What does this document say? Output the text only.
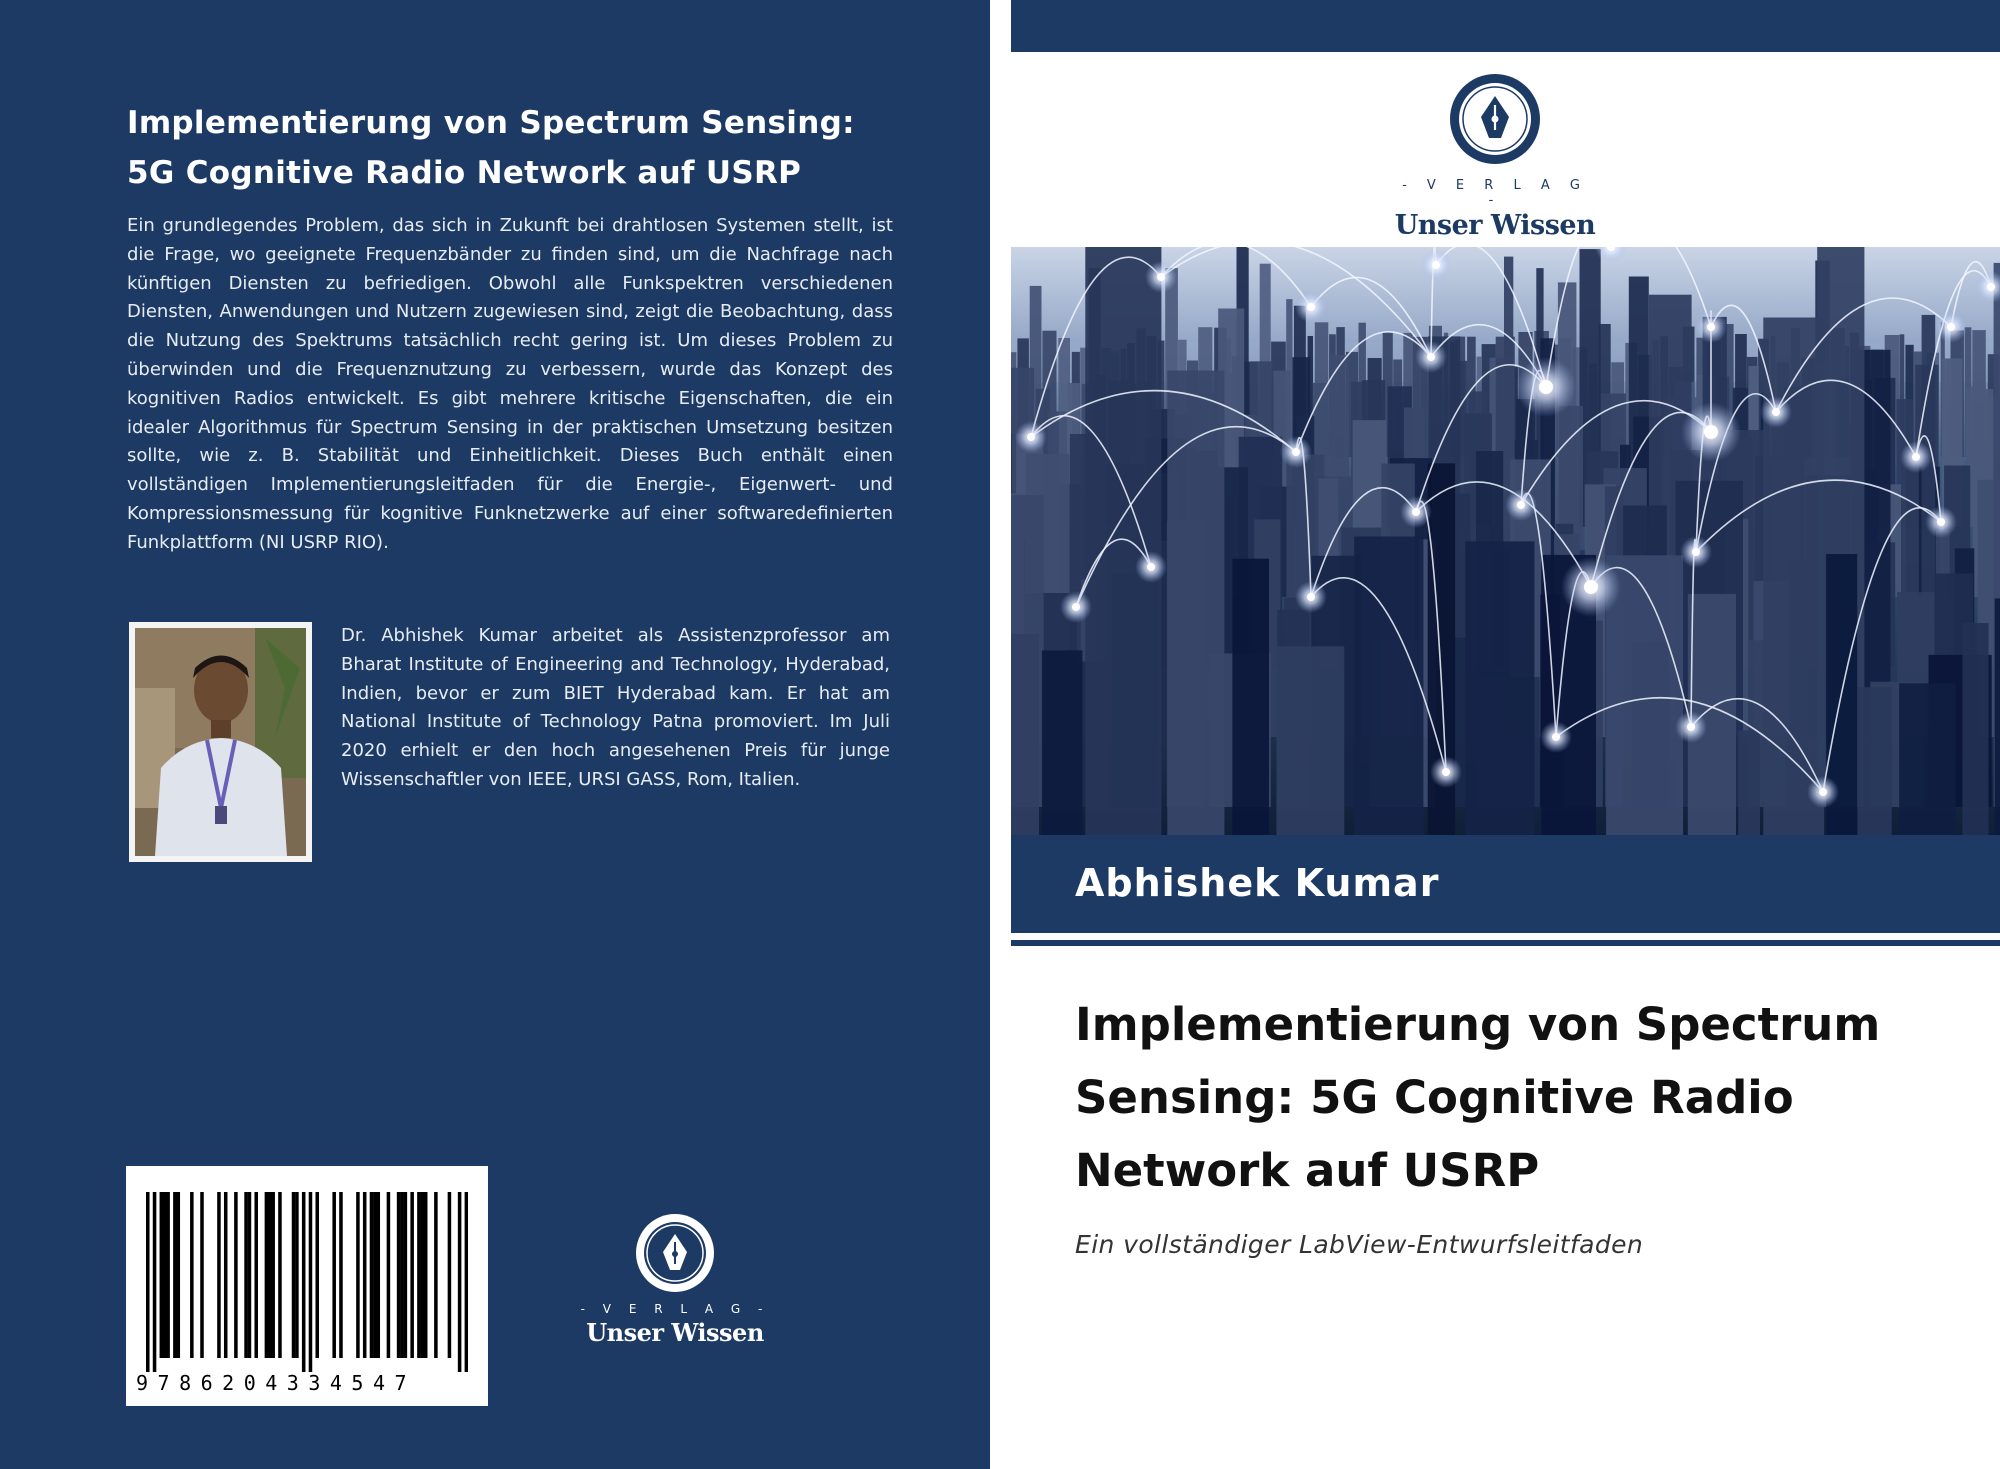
Implementierung von Spectrum Sensing:
5G Cognitive Radio Network auf USRP
Ein grundlegendes Problem, das sich in Zukunft bei drahtlosen Systemen stellt, ist die Frage, wo geeignete Frequenzbänder zu finden sind, um die Nachfrage nach künftigen Diensten zu befriedigen. Obwohl alle Funkspektren verschiedenen Diensten, Anwendungen und Nutzern zugewiesen sind, zeigt die Beobachtung, dass die Nutzung des Spektrums tatsächlich recht gering ist. Um dieses Problem zu überwinden und die Frequenznutzung zu verbessern, wurde das Konzept des kognitiven Radios entwickelt. Es gibt mehrere kritische Eigenschaften, die ein idealer Algorithmus für Spectrum Sensing in der praktischen Umsetzung besitzen sollte, wie z. B. Stabilität und Einheitlichkeit. Dieses Buch enthält einen vollständigen Implementierungsleitfaden für die Energie-, Eigenwert- und Kompressionsmessung für kognitive Funknetzwerke auf einer softwaredefinierten Funkplattform (NI USRP RIO).
Dr. Abhishek Kumar arbeitet als Assistenzprofessor am Bharat Institute of Engineering and Technology, Hyderabad, Indien, bevor er zum BIET Hyderabad kam. Er hat am National Institute of Technology Patna promoviert. Im Juli 2020 erhielt er den hoch angesehenen Preis für junge Wissenschaftler von IEEE, URSI GASS, Rom, Italien.
9786204334547
- V E R L A G -
Unser Wissen
- V E R L A G -
Unser Wissen
Abhishek Kumar
Implementierung von Spectrum
Sensing: 5G Cognitive Radio
Network auf USRP
Ein vollständiger LabView-Entwurfsleitfaden
